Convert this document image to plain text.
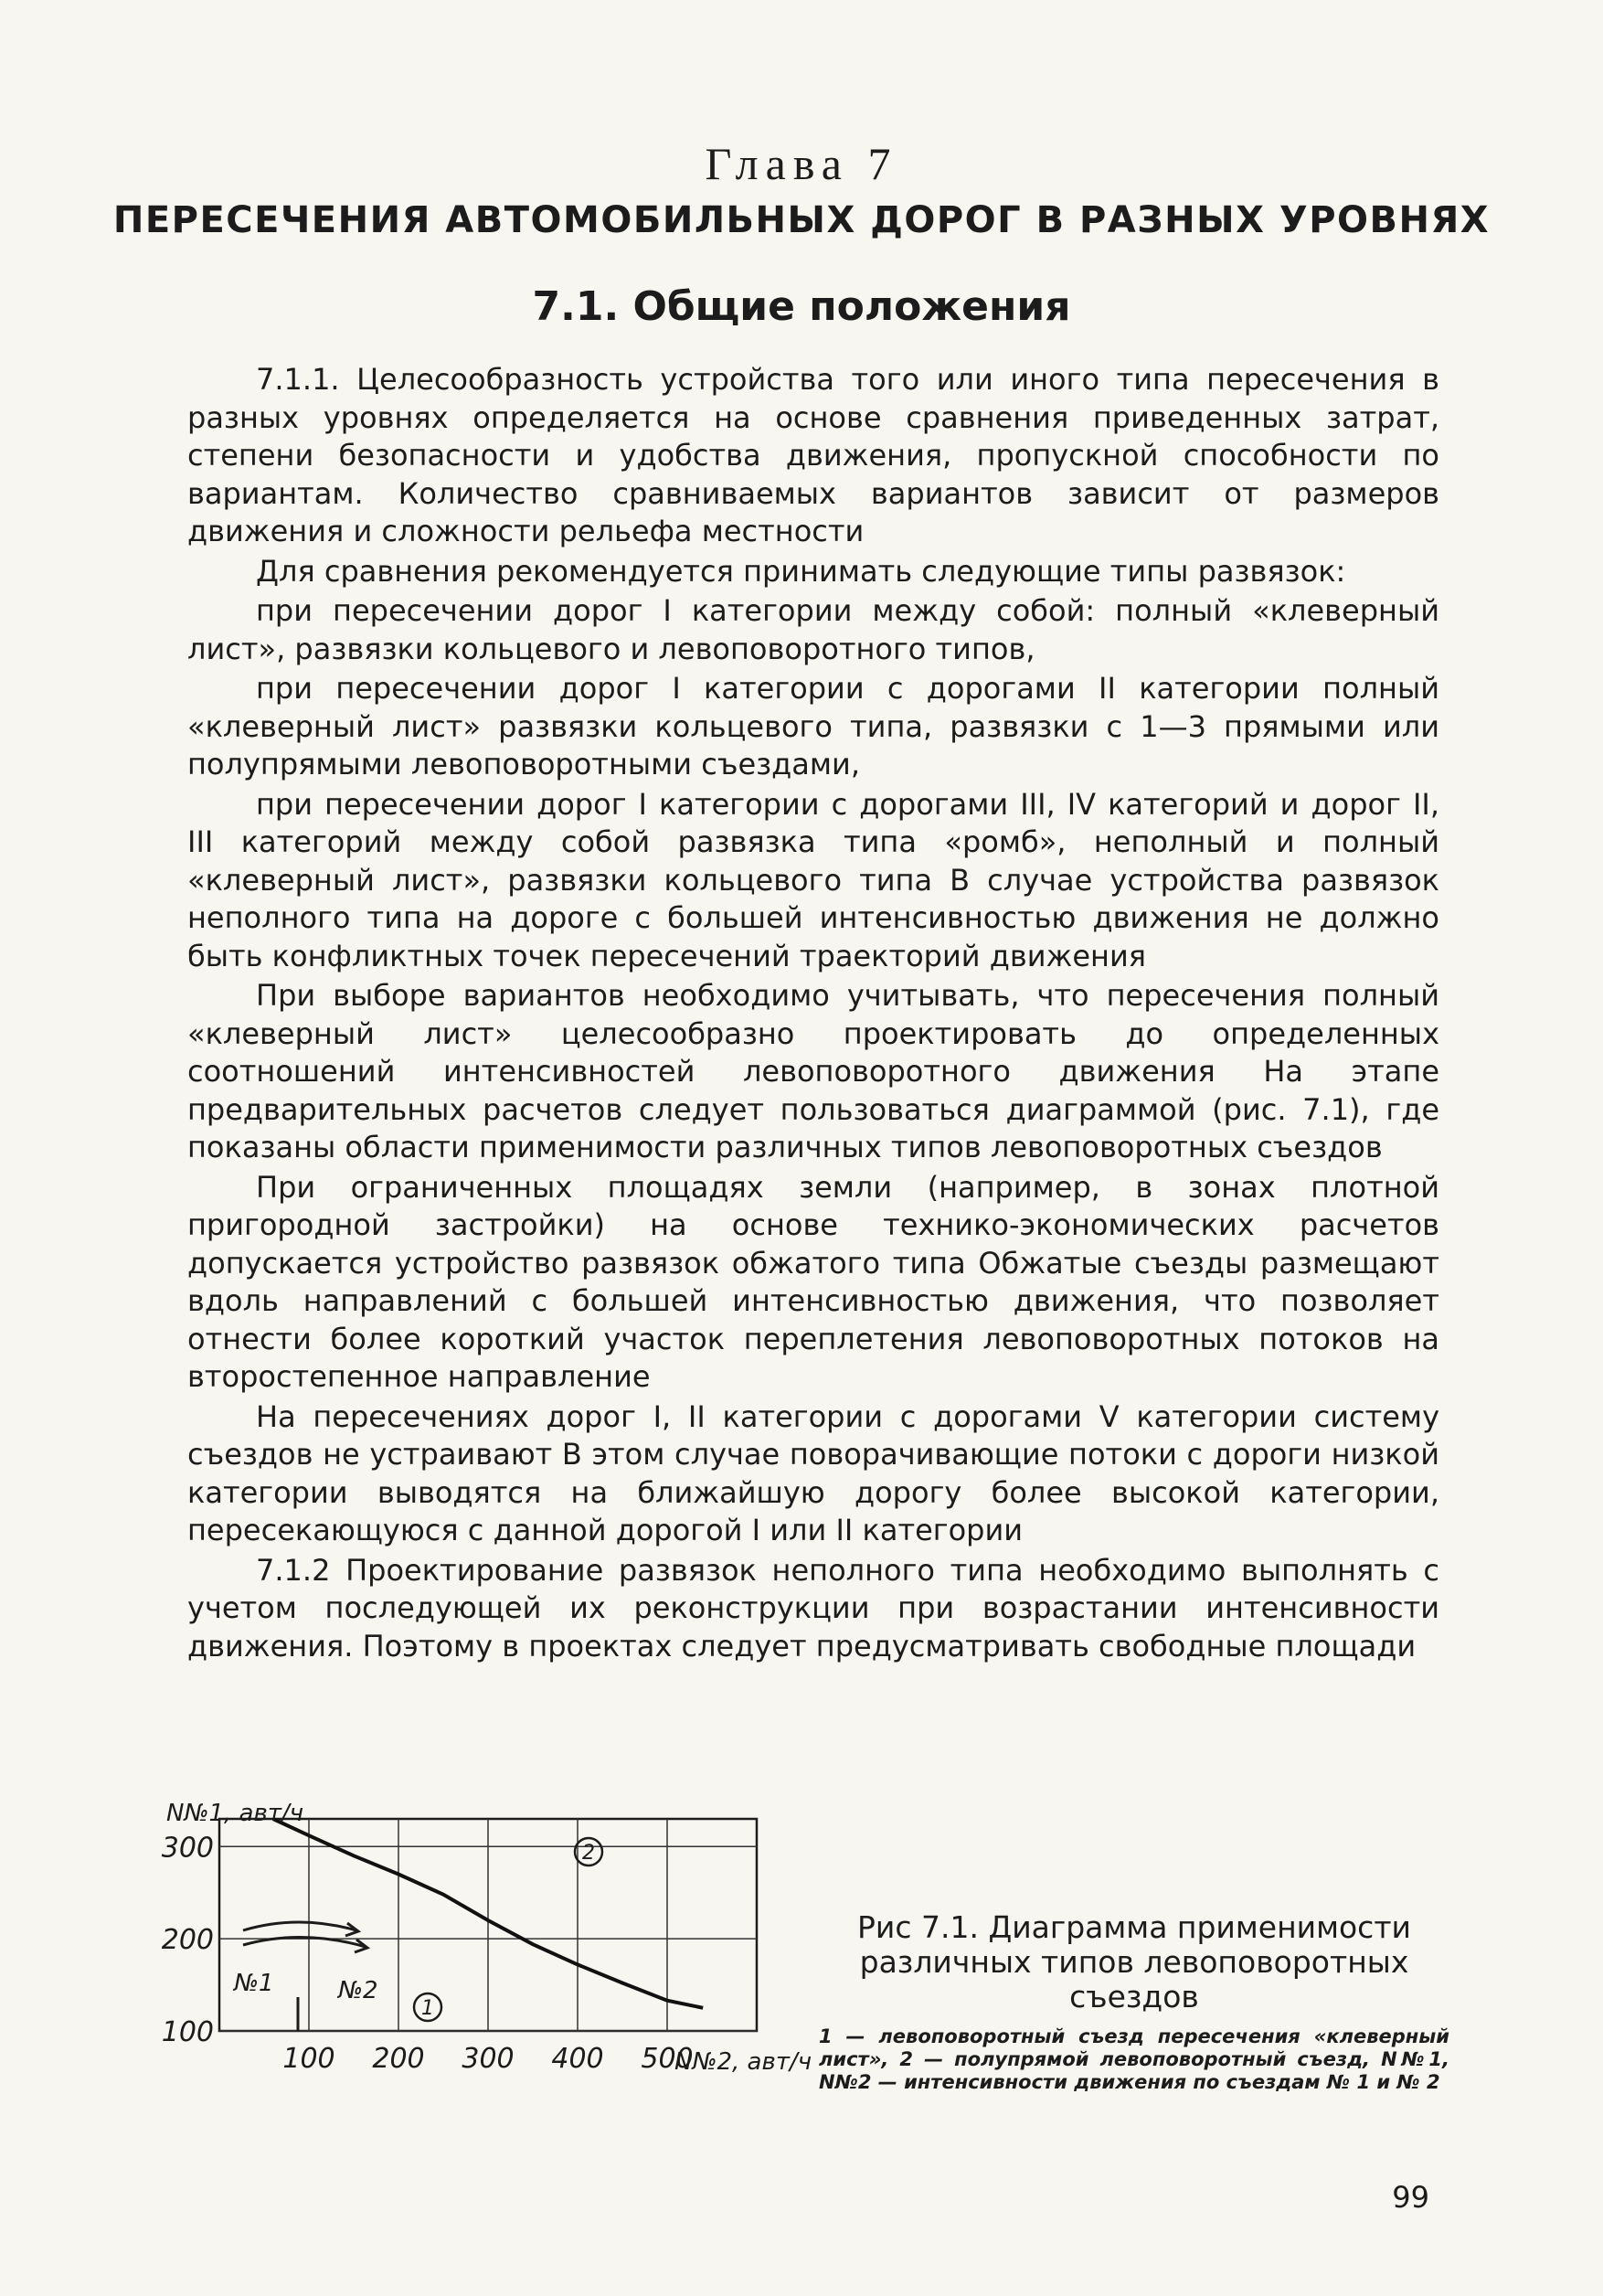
Глава 7
ПЕРЕСЕЧЕНИЯ АВТОМОБИЛЬНЫХ ДОРОГ В РАЗНЫХ УРОВНЯХ
7.1. Общие положения

7.1.1. Целесообразность устройства того или иного типа пересечения в разных уровнях определяется на основе сравнения приведенных затрат, степени безопасности и удобства движения, пропускной способности по вариантам. Количество сравниваемых вариантов зависит от размеров движения и сложности рельефа местности

Для сравнения рекомендуется принимать следующие типы развязок:

при пересечении дорог I категории между собой: полный «клеверный лист», развязки кольцевого и левоповоротного типов,

при пересечении дорог I категории с дорогами II категории полный «клеверный лист» развязки кольцевого типа, развязки с 1—3 прямыми или полупрямыми левоповоротными съездами,

при пересечении дорог I категории с дорогами III, IV категорий и дорог II, III категорий между собой развязка типа «ромб», неполный и полный «клеверный лист», развязки кольцевого типа В случае устройства развязок неполного типа на дороге с большей интенсивностью движения не должно быть конфликтных точек пересечений траекторий движения

При выборе вариантов необходимо учитывать, что пересечения полный «клеверный лист» целесообразно проектировать до определенных соотношений интенсивностей левоповоротного движения На этапе предварительных расчетов следует пользоваться диаграммой (рис. 7.1), где показаны области применимости различных типов левоповоротных съездов

При ограниченных площадях земли (например, в зонах плотной пригородной застройки) на основе технико-экономических расчетов допускается устройство развязок обжатого типа Обжатые съезды размещают вдоль направлений с большей интенсивностью движения, что позволяет отнести более короткий участок переплетения левоповоротных потоков на второстепенное направление

На пересечениях дорог I, II категории с дорогами V категории систему съездов не устраивают В этом случае поворачивающие потоки с дороги низкой категории выводятся на ближайшую дорогу более высокой категории, пересекающуюся с данной дорогой I или II категории

7.1.2 Проектирование развязок неполного типа необходимо выполнять с учетом последующей их реконструкции при возрастании интенсивности движения. Поэтому в проектах следует предусматривать свободные площади

100 200 300 400 500
100
200
300
N№1, авт/ч
N№2, авт/ч
2
1
№1	№2
Рис 7.1. Диаграмма применимости различных типов левоповоротных съездов
1 — левоповоротный съезд пересечения «клеверный лист», 2 — полупрямой левоповоротный съезд, N№1, N№2 — интенсивности движения по съездам № 1 и № 2
99
